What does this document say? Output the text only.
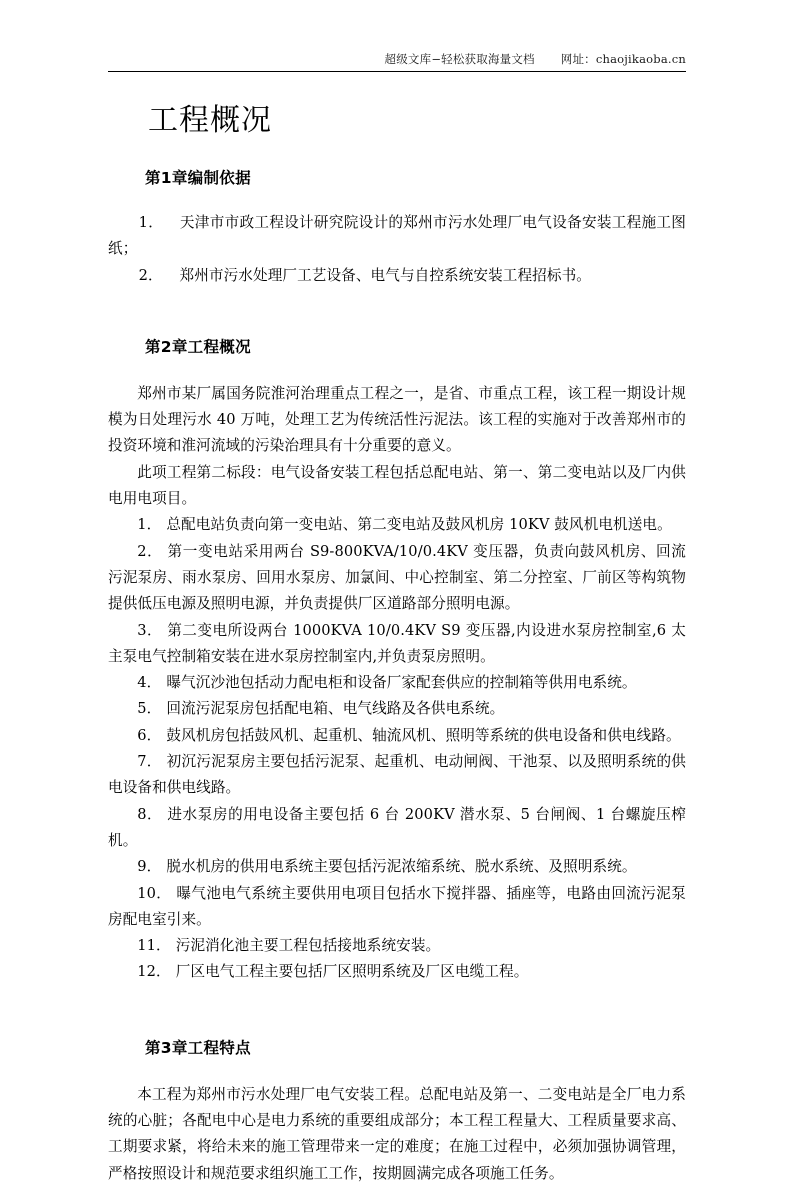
超级文库−轻松获取海量文档 网址：chaojikaoba.cn
工程概况
第1章编制依据
1． 天津市市政工程设计研究院设计的郑州市污水处理厂电气设备安装工程施工图纸；
2． 郑州市污水处理厂工艺设备、电气与自控系统安装工程招标书。
第2章工程概况

郑州市某厂属国务院淮河治理重点工程之一，是省、市重点工程，该工程一期设计规模为日处理污水 40 万吨，处理工艺为传统活性污泥法。该工程的实施对于改善郑州市的投资环境和淮河流域的污染治理具有十分重要的意义。

此项工程第二标段：电气设备安装工程包括总配电站、第一、第二变电站以及厂内供电用电项目。

1． 总配电站负责向第一变电站、第二变电站及鼓风机房 10KV 鼓风机电机送电。
2． 第一变电站采用两台 S9-800KVA/10/0.4KV 变压器，负责向鼓风机房、回流污泥泵房、雨水泵房、回用水泵房、加氯间、中心控制室、第二分控室、厂前区等构筑物提供低压电源及照明电源，并负责提供厂区道路部分照明电源。
3． 第二变电所设两台 1000KVA 10/0.4KV S9 变压器,内设进水泵房控制室,6 太主泵电气控制箱安装在进水泵房控制室内,并负责泵房照明。
4． 曝气沉沙池包括动力配电柜和设备厂家配套供应的控制箱等供用电系统。
5． 回流污泥泵房包括配电箱、电气线路及各供电系统。
6． 鼓风机房包括鼓风机、起重机、轴流风机、照明等系统的供电设备和供电线路。
7． 初沉污泥泵房主要包括污泥泵、起重机、电动闸阀、干池泵、以及照明系统的供电设备和供电线路。
8． 进水泵房的用电设备主要包括 6 台 200KV 潜水泵、5 台闸阀、1 台螺旋压榨机。
9． 脱水机房的供用电系统主要包括污泥浓缩系统、脱水系统、及照明系统。
10． 曝气池电气系统主要供用电项目包括水下搅拌器、插座等，电路由回流污泥泵房配电室引来。
11． 污泥消化池主要工程包括接地系统安装。
12． 厂区电气工程主要包括厂区照明系统及厂区电缆工程。
第3章工程特点

本工程为郑州市污水处理厂电气安装工程。总配电站及第一、二变电站是全厂电力系统的心脏；各配电中心是电力系统的重要组成部分；本工程工程量大、工程质量要求高、工期要求紧，将给未来的施工管理带来一定的难度；在施工过程中，必须加强协调管理，严格按照设计和规范要求组织施工工作，按期圆满完成各项施工任务。
